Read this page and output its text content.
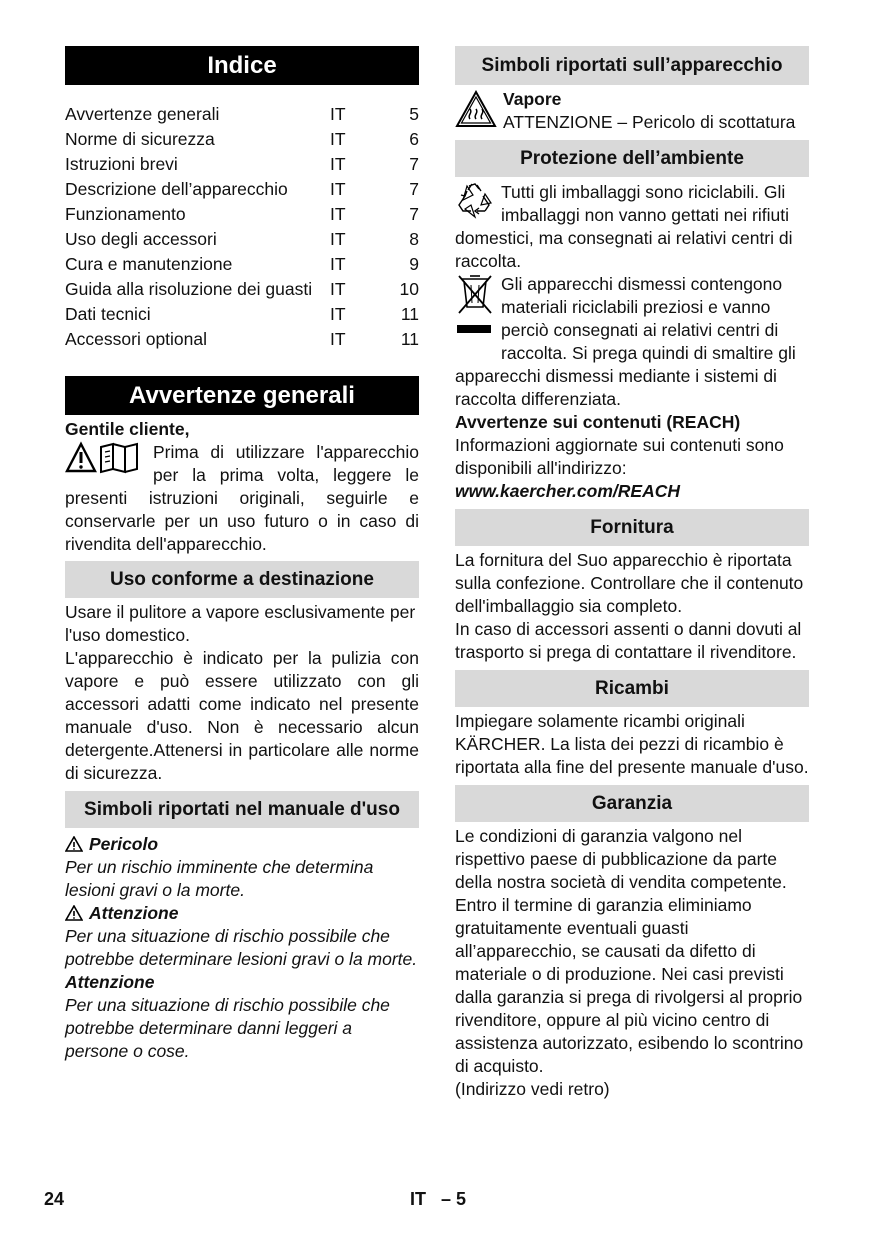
Indice
Avvertenze generali	IT	5
Norme di sicurezza	IT	6
Istruzioni brevi	IT	7
Descrizione dell’apparecchio	IT	7
Funzionamento	IT	7
Uso degli accessori	IT	8
Cura e manutenzione	IT	9
Guida alla risoluzione dei guasti	IT	10
Dati tecnici	IT	11
Accessori optional	IT	11
Avvertenze generali

Gentile cliente,

Prima di utilizzare l'apparecchio per la prima volta, leggere le presenti istruzioni originali, seguirle e conservarle per un uso futuro o in caso di rivendita dell'apparecchio.

Uso conforme a destinazione

Usare il pulitore a vapore esclusivamente per l'uso domestico.

L'apparecchio è indicato per la pulizia con vapore e può essere utilizzato con gli accessori adatti come indicato nel presente manuale d'uso. Non è necessario alcun detergente.Attenersi in particolare alle norme di sicurezza.

Simboli riportati nel manuale d'uso

Pericolo

Per un rischio imminente che determina lesioni gravi o la morte.

Attenzione

Per una situazione di rischio possibile che potrebbe determinare lesioni gravi o la morte.

Attenzione

Per una situazione di rischio possibile che potrebbe determinare danni leggeri a persone o cose.

Simboli riportati sull’apparecchio

Vapore

ATTENZIONE – Pericolo di scottatura

Protezione dell’ambiente

Tutti gli imballaggi sono riciclabili. Gli imballaggi non vanno gettati nei rifiuti domestici, ma consegnati ai relativi centri di raccolta.

Gli apparecchi dismessi contengono materiali riciclabili preziosi e vanno perciò consegnati ai relativi centri di raccolta. Si prega quindi di smaltire gli apparecchi dismessi mediante i sistemi di raccolta differenziata.

Avvertenze sui contenuti (REACH)

Informazioni aggiornate sui contenuti sono disponibili all'indirizzo:

www.kaercher.com/REACH

Fornitura

La fornitura del Suo apparecchio è riportata sulla confezione. Controllare che il contenuto dell'imballaggio sia completo.

In caso di accessori assenti o danni dovuti al trasporto si prega di contattare il rivenditore.

Ricambi

Impiegare solamente ricambi originali KÄRCHER. La lista dei pezzi di ricambio è riportata alla fine del presente manuale d'uso.

Garanzia

Le condizioni di garanzia valgono nel rispettivo paese di pubblicazione da parte della nostra società di vendita competente. Entro il termine di garanzia eliminiamo gratuitamente eventuali guasti all’apparecchio, se causati da difetto di materiale o di produzione. Nei casi previsti dalla garanzia si prega di rivolgersi al proprio rivenditore, oppure al più vicino centro di assistenza autorizzato, esibendo lo scontrino di acquisto.

(Indirizzo vedi retro)

24	IT – 5
